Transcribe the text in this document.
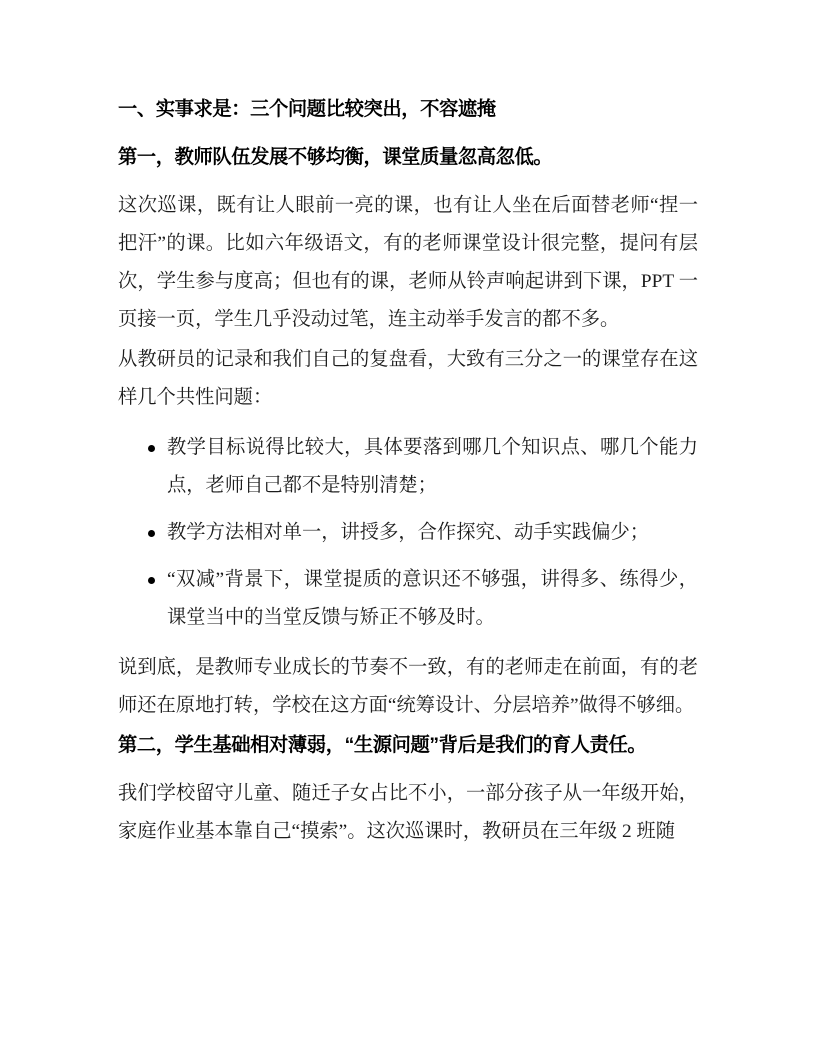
一、实事求是：三个问题比较突出，不容遮掩
第一，教师队伍发展不够均衡，课堂质量忽高忽低。

这次巡课，既有让人眼前一亮的课，也有让人坐在后面替老师“捏一把汗”的课。比如六年级语文，有的老师课堂设计很完整，提问有层次，学生参与度高；但也有的课，老师从铃声响起讲到下课，PPT 一页接一页，学生几乎没动过笔，连主动举手发言的都不多。

从教研员的记录和我们自己的复盘看，大致有三分之一的课堂存在这样几个共性问题：

教学目标说得比较大，具体要落到哪几个知识点、哪几个能力点，老师自己都不是特别清楚；
教学方法相对单一，讲授多，合作探究、动手实践偏少；
“双减”背景下，课堂提质的意识还不够强，讲得多、练得少，课堂当中的当堂反馈与矫正不够及时。

说到底，是教师专业成长的节奏不一致，有的老师走在前面，有的老师还在原地打转，学校在这方面“统筹设计、分层培养”做得不够细。

第二，学生基础相对薄弱，“生源问题”背后是我们的育人责任。

我们学校留守儿童、随迁子女占比不小，一部分孩子从一年级开始，家庭作业基本靠自己“摸索”。这次巡课时，教研员在三年级 2 班随
